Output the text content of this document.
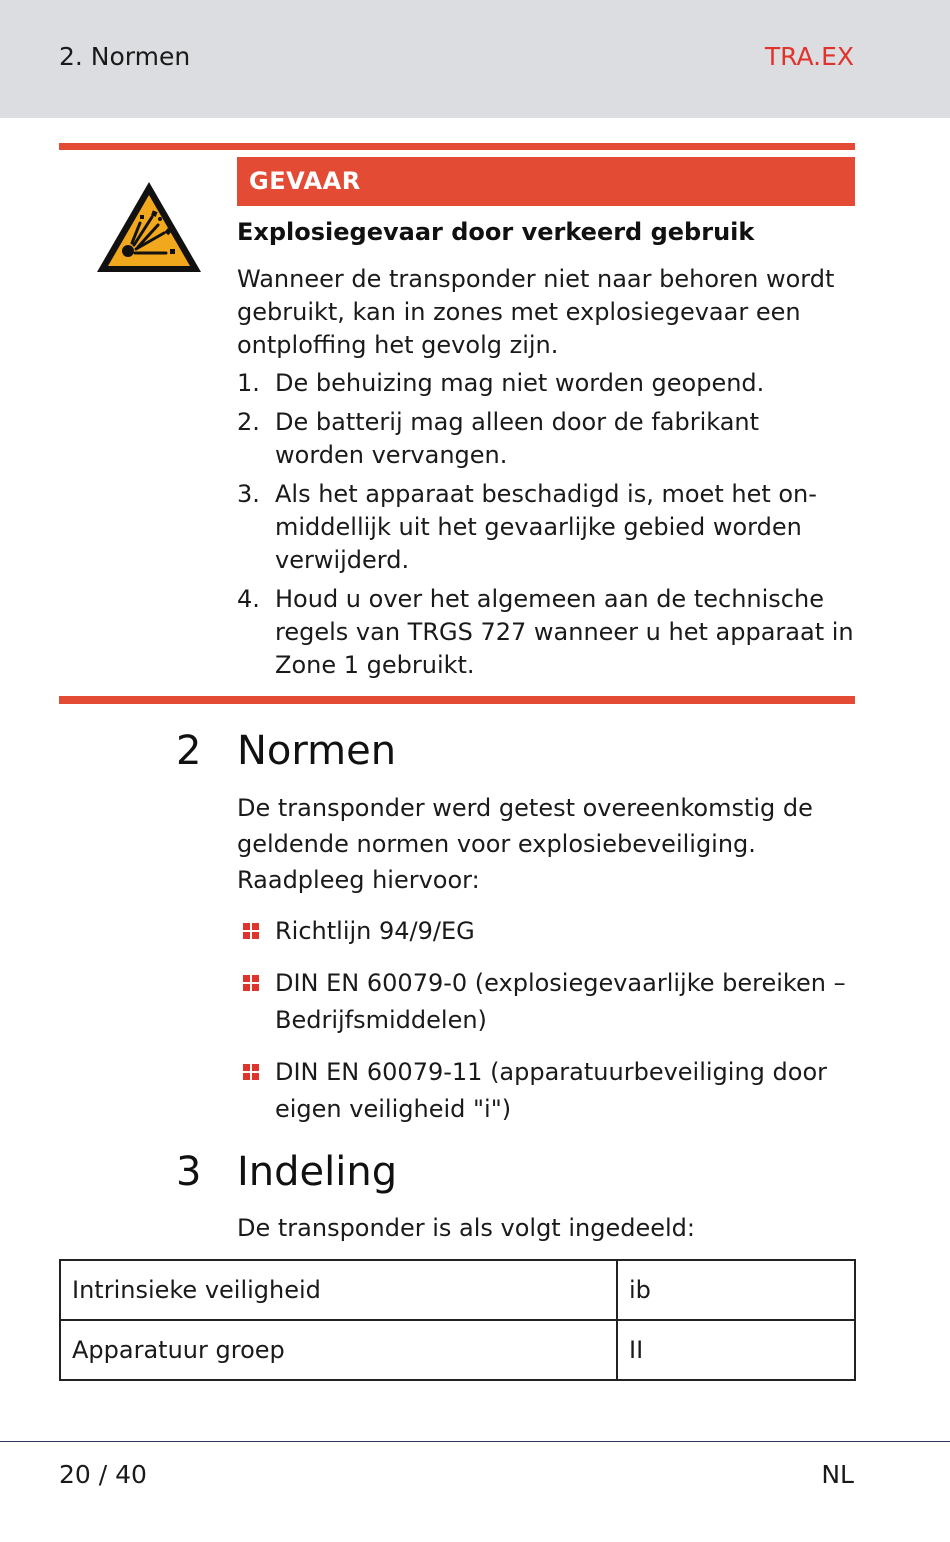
2. Normen	TRA.EX
GEVAAR
Explosiegevaar door verkeerd gebruik
Wanneer de transponder niet naar behoren wordt gebruikt, kan in zones met explosiegevaar een ontploffing het gevolg zijn.
1. De behuizing mag niet worden geopend.
2. De batterij mag alleen door de fabrikant worden vervangen.
3. Als het apparaat beschadigd is, moet het onmiddellijk uit het gevaarlijke gebied worden verwijderd.
4. Houd u over het algemeen aan de technische regels van TRGS 727 wanneer u het apparaat in Zone 1 gebruikt.
2 Normen
De transponder werd getest overeenkomstig de geldende normen voor explosiebeveiliging. Raadpleeg hiervoor:
Richtlijn 94/9/EG
DIN EN 60079-0 (explosiegevaarlijke bereiken – Bedrijfsmiddelen)
DIN EN 60079-11 (apparatuurbeveiliging door eigen veiligheid "i")
3 Indeling
De transponder is als volgt ingedeeld:
Intrinsieke veiligheid	ib
Apparatuur groep	II
20 / 40	NL
